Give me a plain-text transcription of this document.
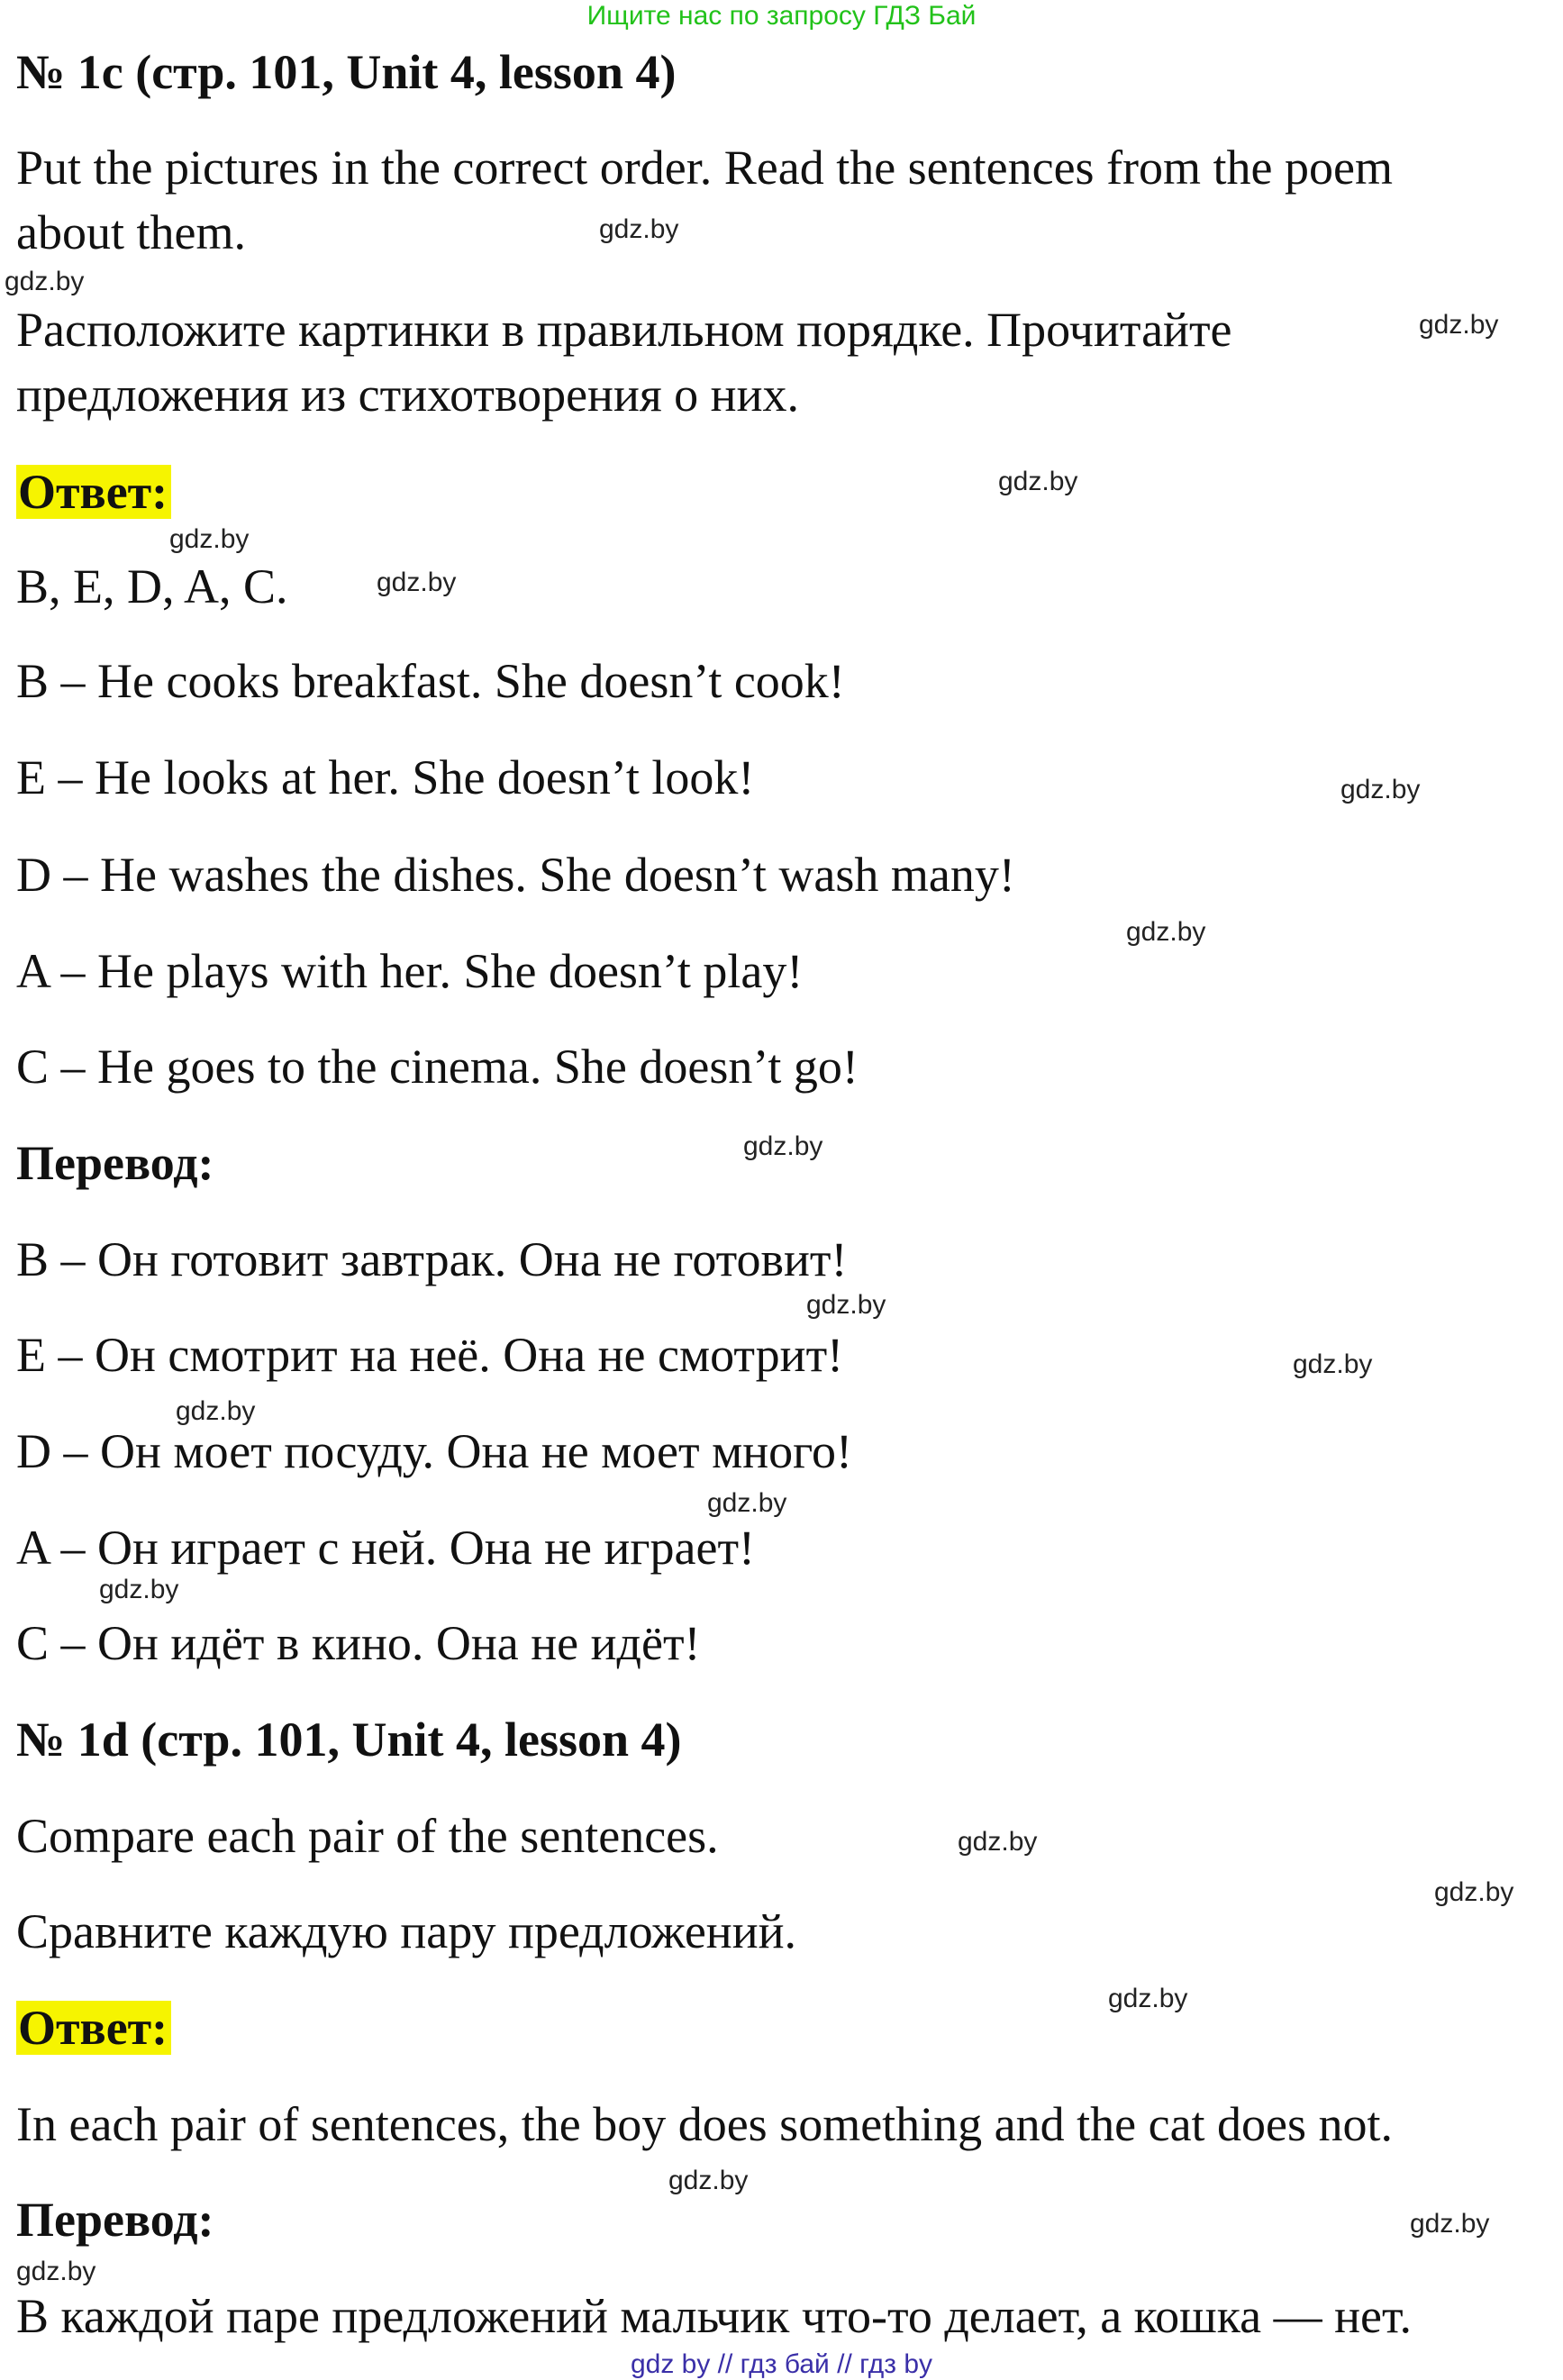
Ищите нас по запросу ГДЗ Бай
№ 1с (стр. 101, Unit 4, lesson 4)
Put the pictures in the correct order. Read the sentences from the poem
about them.
Расположите картинки в правильном порядке. Прочитайте
предложения из стихотворения о них.
Ответ:
B, E, D, A, C.
B – He cooks breakfast. She doesn’t cook!
E – He looks at her. She doesn’t look!
D – He washes the dishes. She doesn’t wash many!
A – He plays with her. She doesn’t play!
C – He goes to the cinema. She doesn’t go!
Перевод:
B – Он готовит завтрак. Она не готовит!
E – Он смотрит на неё. Она не смотрит!
D – Он моет посуду. Она не моет много!
A – Он играет с ней. Она не играет!
C – Он идёт в кино. Она не идёт!
№ 1d (стр. 101, Unit 4, lesson 4)
Compare each pair of the sentences.
Сравните каждую пару предложений.
Ответ:
In each pair of sentences, the boy does something and the cat does not.
Перевод:
В каждой паре предложений мальчик что-то делает, а кошка — нет.
gdz.by
gdz.by
gdz.by
gdz.by
gdz.by
gdz.by
gdz.by
gdz.by
gdz.by
gdz.by
gdz.by
gdz.by
gdz.by
gdz.by
gdz.by
gdz.by
gdz.by
gdz.by
gdz.by
gdz.by
gdz by // гдз бай // гдз by
